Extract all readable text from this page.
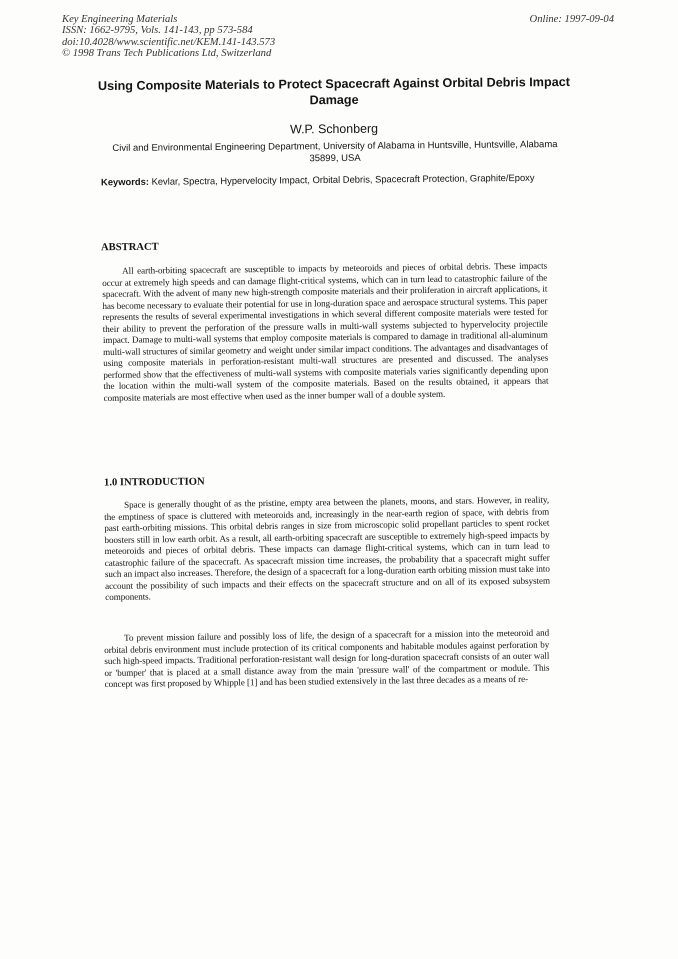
Key Engineering Materials
ISSN: 1662-9795, Vols. 141-143, pp 573-584
doi:10.4028/www.scientific.net/KEM.141-143.573
© 1998 Trans Tech Publications Ltd, Switzerland
Online: 1997-09-04
Using Composite Materials to Protect Spacecraft Against Orbital Debris Impact Damage
W.P. Schonberg
Civil and Environmental Engineering Department, University of Alabama in Huntsville, Huntsville, Alabama 35899, USA
Keywords: Kevlar, Spectra, Hypervelocity Impact, Orbital Debris, Spacecraft Protection, Graphite/Epoxy
ABSTRACT
All earth-orbiting spacecraft are susceptible to impacts by meteoroids and pieces of orbital debris. These impacts occur at extremely high speeds and can damage flight-critical systems, which can in turn lead to catastrophic failure of the spacecraft. With the advent of many new high-strength composite materials and their proliferation in aircraft applications, it has become necessary to evaluate their potential for use in long-duration space and aerospace structural systems. This paper represents the results of several experimental investigations in which several different composite materials were tested for their ability to prevent the perforation of the pressure walls in multi-wall systems subjected to hypervelocity projectile impact. Damage to multi-wall systems that employ composite materials is compared to damage in traditional all-aluminum multi-wall structures of similar geometry and weight under similar impact conditions. The advantages and disadvantages of using composite materials in perforation-resistant multi-wall structures are presented and discussed. The analyses performed show that the effectiveness of multi-wall systems with composite materials varies significantly depending upon the location within the multi-wall system of the composite materials. Based on the results obtained, it appears that composite materials are most effective when used as the inner bumper wall of a double system.
1.0 INTRODUCTION
Space is generally thought of as the pristine, empty area between the planets, moons, and stars. However, in reality, the emptiness of space is cluttered with meteoroids and, increasingly in the near-earth region of space, with debris from past earth-orbiting missions. This orbital debris ranges in size from microscopic solid propellant particles to spent rocket boosters still in low earth orbit. As a result, all earth-orbiting spacecraft are susceptible to extremely high-speed impacts by meteoroids and pieces of orbital debris. These impacts can damage flight-critical systems, which can in turn lead to catastrophic failure of the spacecraft. As spacecraft mission time increases, the probability that a spacecraft might suffer such an impact also increases. Therefore, the design of a spacecraft for a long-duration earth orbiting mission must take into account the possibility of such impacts and their effects on the spacecraft structure and on all of its exposed subsystem components.
To prevent mission failure and possibly loss of life, the design of a spacecraft for a mission into the meteoroid and orbital debris environment must include protection of its critical components and habitable modules against perforation by such high-speed impacts. Traditional perforation-resistant wall design for long-duration spacecraft consists of an outer wall or 'bumper' that is placed at a small distance away from the main 'pressure wall' of the compartment or module. This concept was first proposed by Whipple [1] and has been studied extensively in the last three decades as a means of re-
